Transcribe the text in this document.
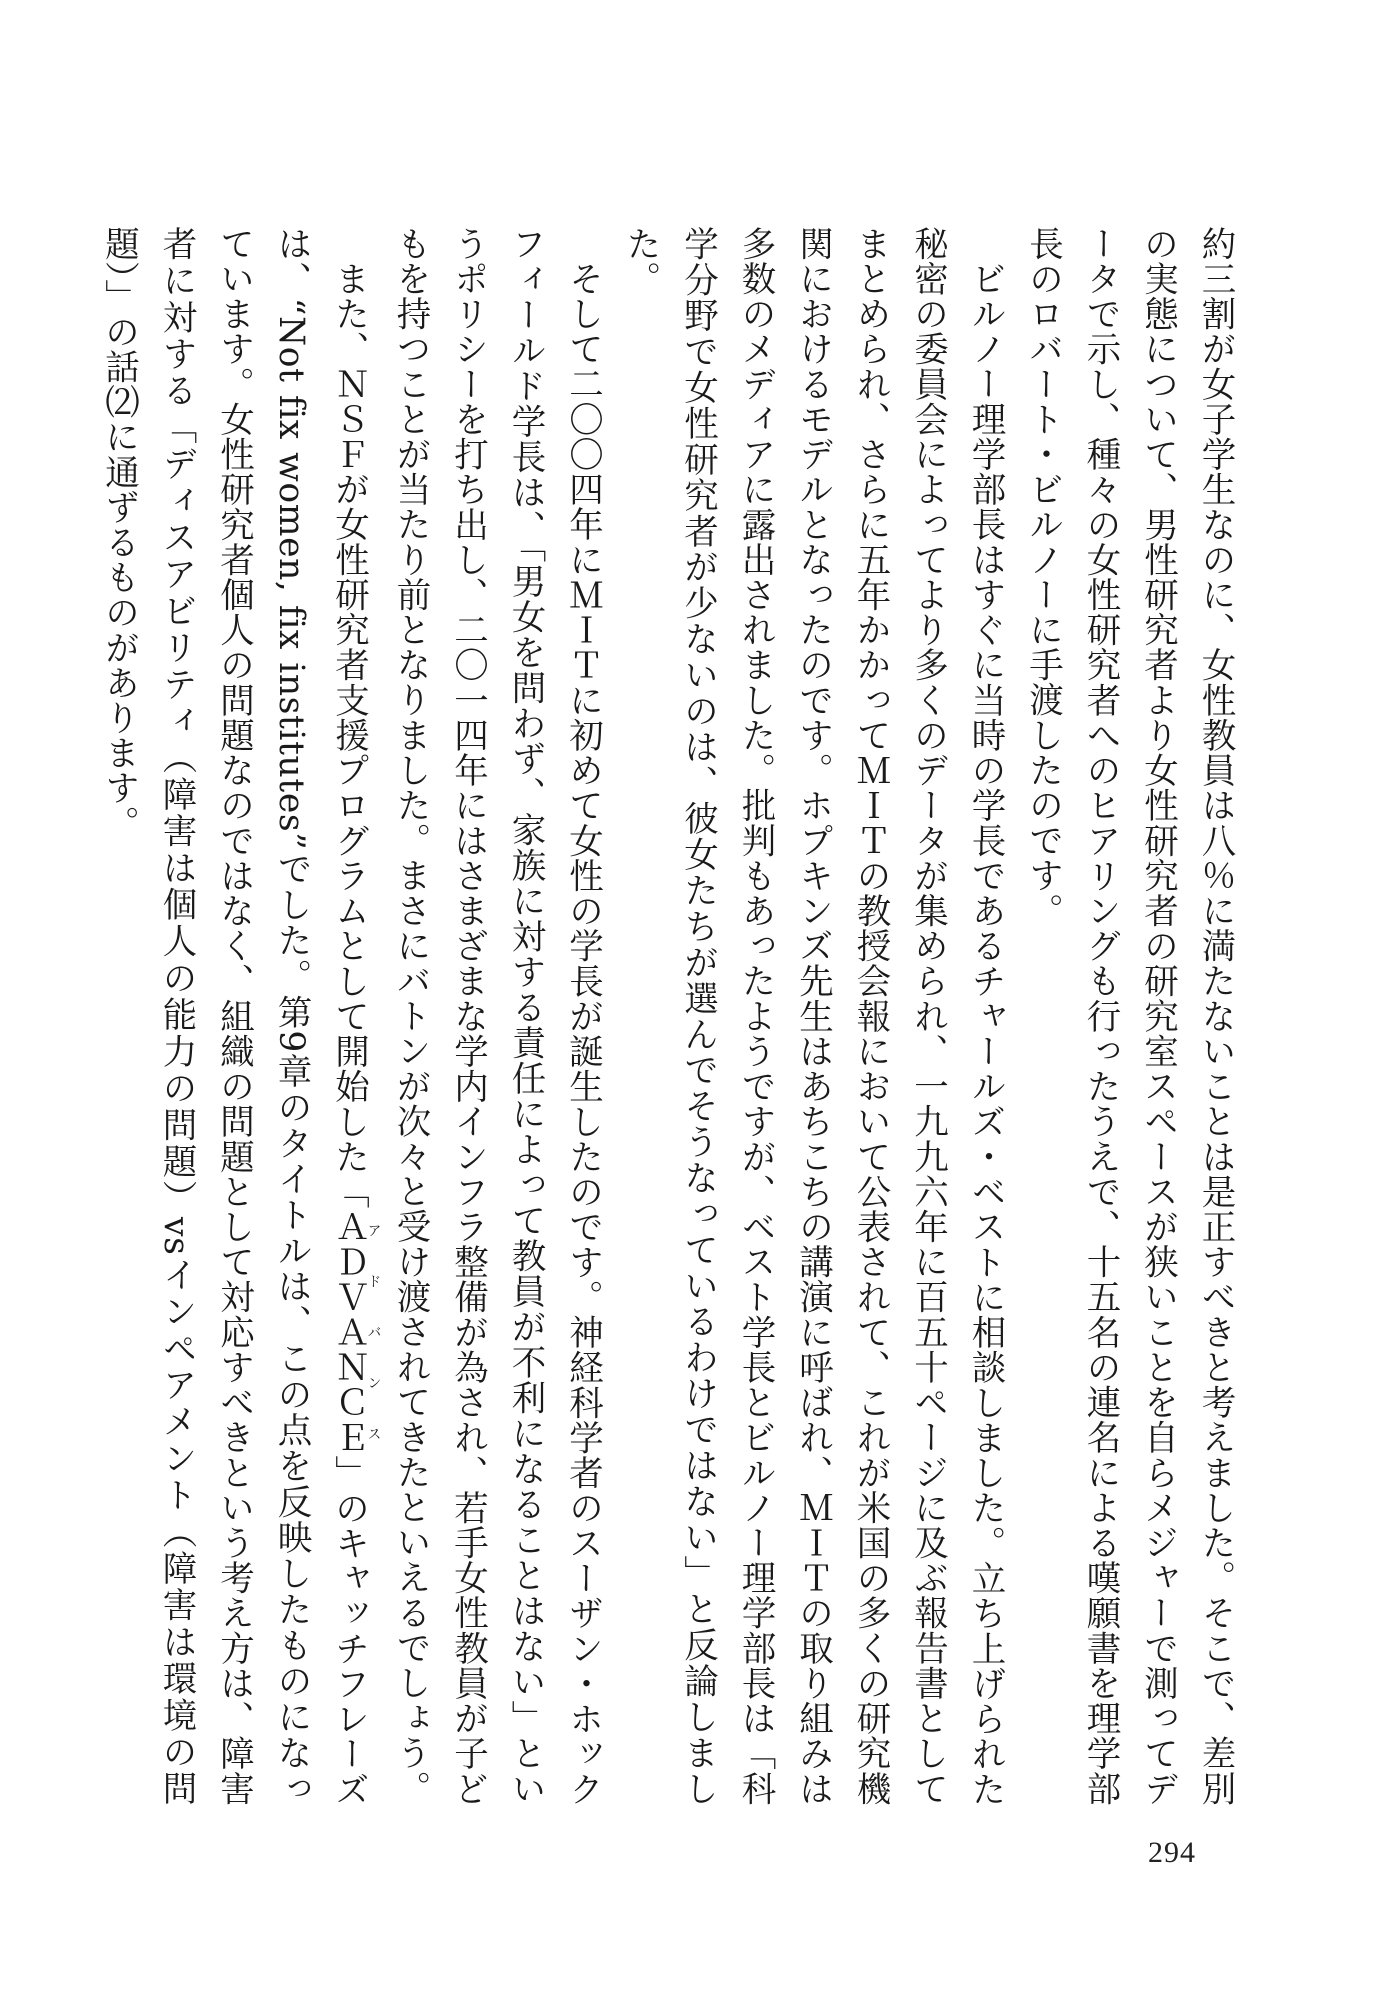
約三割が女子学生なのに、女性教員は八％に満たないことは是正すべきと考えました。そこで、差別の実態について、男性研究者より女性研究者の研究室スペースが狭いことを自らメジャーで測ってデータで示し、種々の女性研究者へのヒアリングも行ったうえで、十五名の連名による嘆願書を理学部長のロバート・ビルノーに手渡したのです。

ビルノー理学部長はすぐに当時の学長であるチャールズ・ベストに相談しました。立ち上げられた秘密の委員会によってより多くのデータが集められ、一九九六年に百五十ページに及ぶ報告書としてまとめられ、さらに五年かかってＭＩＴの教授会報において公表されて、これが米国の多くの研究機関におけるモデルとなったのです。ホプキンズ先生はあちこちの講演に呼ばれ、ＭＩＴの取り組みは多数のメディアに露出されました。批判もあったようですが、ベスト学長とビルノー理学部長は「科学分野で女性研究者が少ないのは、彼女たちが選んでそうなっているわけではない」と反論しました。

そして二〇〇四年にＭＩＴに初めて女性の学長が誕生したのです。神経科学者のスーザン・ホックフィールド学長は、「男女を問わず、家族に対する責任によって教員が不利になることはない」というポリシーを打ち出し、二〇一四年にはさまざまな学内インフラ整備が為され、若手女性教員が子どもを持つことが当たり前となりました。まさにバトンが次々と受け渡されてきたといえるでしょう。

また、ＮＳＦが女性研究者支援プログラムとして開始した「ＡＤＶＡＮＣＥアドバンス」のキャッチフレーズは、“Not fix women, fix institutes”でした。第9章のタイトルは、この点を反映したものになっています。女性研究者個人の問題なのではなく、組織の問題として対応すべきという考え方は、障害者に対する「ディスアビリティ（障害は個人の能力の問題）vsインペアメント（障害は環境の問題）」の話⑵に通ずるものがあります。

294
